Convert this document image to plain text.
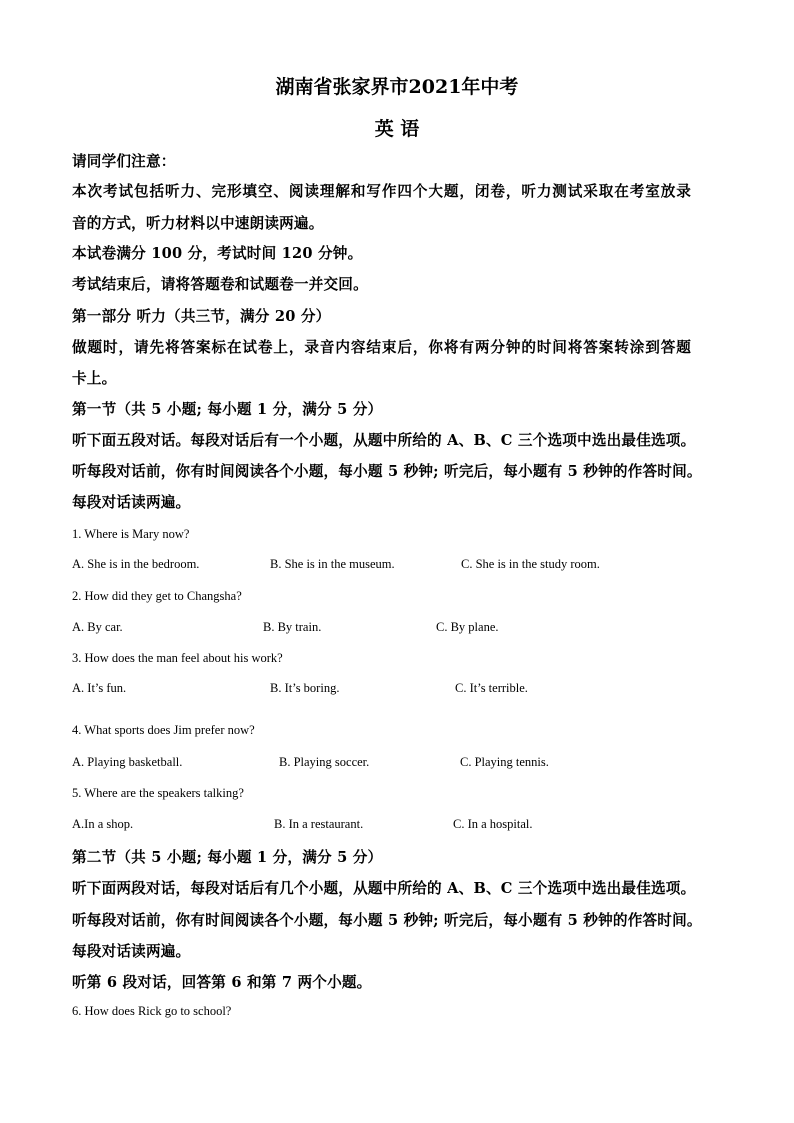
湖南省张家界市2021年中考
英 语
请同学们注意：
本次考试包括听力、完形填空、阅读理解和写作四个大题，闭卷，听力测试采取在考室放录
音的方式，听力材料以中速朗读两遍。
本试卷满分 100 分，考试时间 120 分钟。
考试结束后，请将答题卷和试题卷一并交回。
第一部分 听力（共三节，满分 20 分）
做题时，请先将答案标在试卷上，录音内容结束后，你将有两分钟的时间将答案转涂到答题
卡上。
第一节（共 5 小题; 每小题 1 分，满分 5 分）
听下面五段对话。每段对话后有一个小题，从题中所给的 A、B、C 三个选项中选出最佳选项。
听每段对话前，你有时间阅读各个小题，每小题 5 秒钟; 听完后，每小题有 5 秒钟的作答时间。
每段对话读两遍。
1. Where is Mary now?
A. She is in the bedroom.	B. She is in the museum.	C. She is in the study room.
2. How did they get to Changsha?
A. By car.	B. By train.	C. By plane.
3. How does the man feel about his work?
A. It’s fun.	B. It’s boring.	C. It’s terrible.
4. What sports does Jim prefer now?
A. Playing basketball.	B. Playing soccer.	C. Playing tennis.
5. Where are the speakers talking?
A.In a shop.	B. In a restaurant.	C. In a hospital.
第二节（共 5 小题; 每小题 1 分，满分 5 分）
听下面两段对话，每段对话后有几个小题，从题中所给的 A、B、C 三个选项中选出最佳选项。
听每段对话前，你有时间阅读各个小题，每小题 5 秒钟; 听完后，每小题有 5 秒钟的作答时间。
每段对话读两遍。
听第 6 段对话，回答第 6 和第 7 两个小题。
6. How does Rick go to school?
